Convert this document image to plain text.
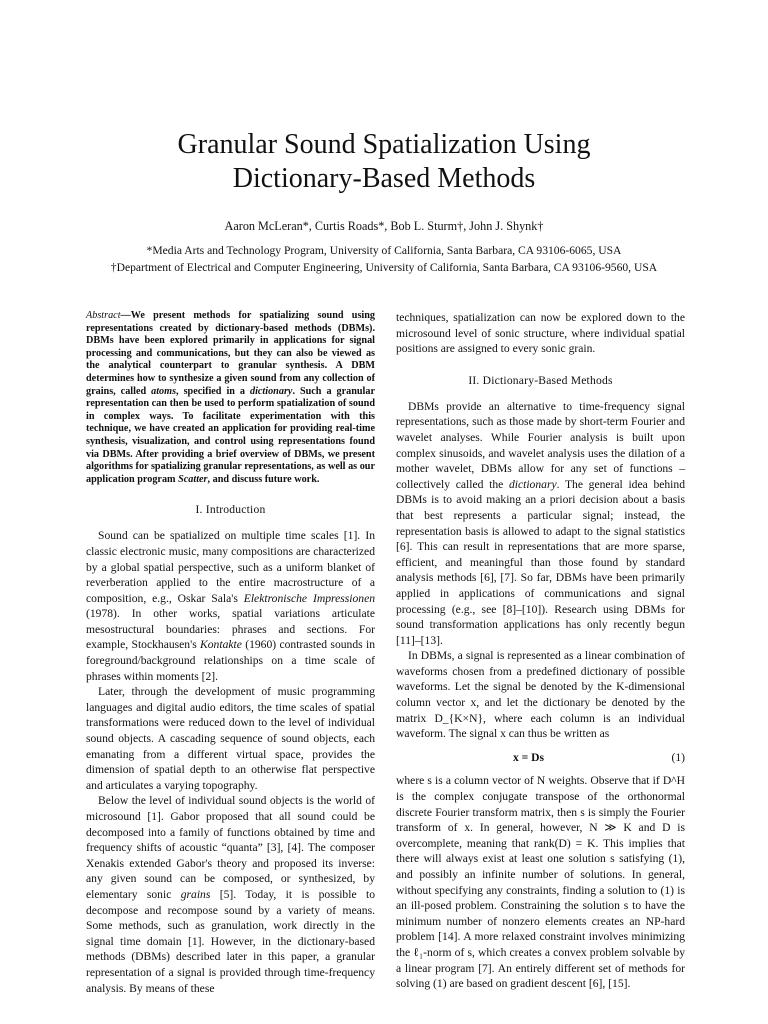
Granular Sound Spatialization Using
Dictionary-Based Methods
Aaron McLeran*, Curtis Roads*, Bob L. Sturm†, John J. Shynk†
*Media Arts and Technology Program, University of California, Santa Barbara, CA 93106-6065, USA
†Department of Electrical and Computer Engineering, University of California, Santa Barbara, CA 93106-9560, USA

Abstract—We present methods for spatializing sound using representations created by dictionary-based methods (DBMs). DBMs have been explored primarily in applications for signal processing and communications, but they can also be viewed as the analytical counterpart to granular synthesis. A DBM determines how to synthesize a given sound from any collection of grains, called atoms, specified in a dictionary. Such a granular representation can then be used to perform spatialization of sound in complex ways. To facilitate experimentation with this technique, we have created an application for providing real-time synthesis, visualization, and control using representations found via DBMs. After providing a brief overview of DBMs, we present algorithms for spatializing granular representations, as well as our application program Scatter, and discuss future work.

I. Introduction

Sound can be spatialized on multiple time scales [1]. In classic electronic music, many compositions are characterized by a global spatial perspective, such as a uniform blanket of reverberation applied to the entire macrostructure of a composition, e.g., Oskar Sala's Elektronische Impressionen (1978). In other works, spatial variations articulate mesostructural boundaries: phrases and sections. For example, Stockhausen's Kontakte (1960) contrasted sounds in foreground/background relationships on a time scale of phrases within moments [2].

Later, through the development of music programming languages and digital audio editors, the time scales of spatial transformations were reduced down to the level of individual sound objects. A cascading sequence of sound objects, each emanating from a different virtual space, provides the dimension of spatial depth to an otherwise flat perspective and articulates a varying topography.

Below the level of individual sound objects is the world of microsound [1]. Gabor proposed that all sound could be decomposed into a family of functions obtained by time and frequency shifts of acoustic “quanta” [3], [4]. The composer Xenakis extended Gabor's theory and proposed its inverse: any given sound can be composed, or synthesized, by elementary sonic grains [5]. Today, it is possible to decompose and recompose sound by a variety of means. Some methods, such as granulation, work directly in the signal time domain [1]. However, in the dictionary-based methods (DBMs) described later in this paper, a granular representation of a signal is provided through time-frequency analysis. By means of these

techniques, spatialization can now be explored down to the microsound level of sonic structure, where individual spatial positions are assigned to every sonic grain.

II. Dictionary-Based Methods

DBMs provide an alternative to time-frequency signal representations, such as those made by short-term Fourier and wavelet analyses. While Fourier analysis is built upon complex sinusoids, and wavelet analysis uses the dilation of a mother wavelet, DBMs allow for any set of functions – collectively called the dictionary. The general idea behind DBMs is to avoid making an a priori decision about a basis that best represents a particular signal; instead, the representation basis is allowed to adapt to the signal statistics [6]. This can result in representations that are more sparse, efficient, and meaningful than those found by standard analysis methods [6], [7]. So far, DBMs have been primarily applied in applications of communications and signal processing (e.g., see [8]–[10]). Research using DBMs for sound transformation applications has only recently begun [11]–[13].

In DBMs, a signal is represented as a linear combination of waveforms chosen from a predefined dictionary of possible waveforms. Let the signal be denoted by the K-dimensional column vector x, and let the dictionary be denoted by the matrix D_{K×N}, where each column is an individual waveform. The signal x can thus be written as

x = Ds	(1)

where s is a column vector of N weights. Observe that if D^H is the complex conjugate transpose of the orthonormal discrete Fourier transform matrix, then s is simply the Fourier transform of x. In general, however, N ≫ K and D is overcomplete, meaning that rank(D) = K. This implies that there will always exist at least one solution s satisfying (1), and possibly an infinite number of solutions. In general, without specifying any constraints, finding a solution to (1) is an ill-posed problem. Constraining the solution s to have the minimum number of nonzero elements creates an NP-hard problem [14]. A more relaxed constraint involves minimizing the ℓ₁-norm of s, which creates a convex problem solvable by a linear program [7]. An entirely different set of methods for solving (1) are based on gradient descent [6], [15].
